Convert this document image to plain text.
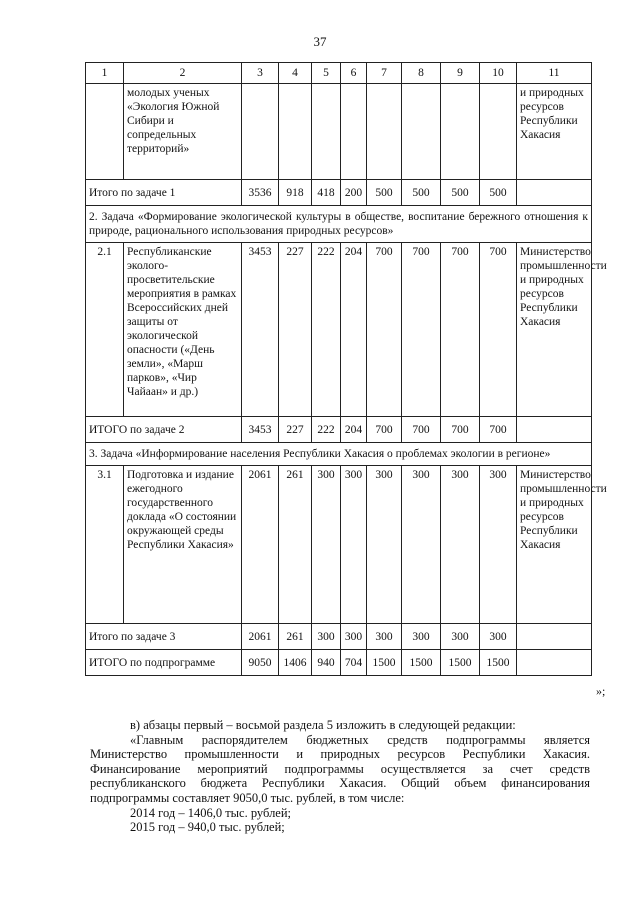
37
1	2	3	4	5	6	7	8	9	10	11
	молодых ученых «Экология Южной Сибири и сопредельных территорий»									и природных ресурсов Республики Хакасия
Итого по задаче 1		3536	918	418	200	500	500	500	500	
2. Задача «Формирование экологической культуры в обществе, воспитание бережного отношения к природе, рационального использования природных ресурсов»										
2.1	Республиканские эколого-просветительские мероприятия в рамках Всероссийских дней защиты от экологической опасности («День земли», «Марш парков», «Чир Чайаан» и др.)	3453	227	222	204	700	700	700	700	Министерство промышленности и природных ресурсов Республики Хакасия
ИТОГО по задаче 2		3453	227	222	204	700	700	700	700	
3. Задача «Информирование населения Республики Хакасия о проблемах экологии в регионе»										
3.1	Подготовка и издание ежегодного государственного доклада «О состоянии окружающей среды Республики Хакасия»	2061	261	300	300	300	300	300	300	Министерство промышленности и природных ресурсов Республики Хакасия
Итого по задаче 3		2061	261	300	300	300	300	300	300	
ИТОГО по подпрограмме		9050	1406	940	704	1500	1500	1500	1500	
»;

в) абзацы первый – восьмой раздела 5 изложить в следующей редакции:

«Главным распорядителем бюджетных средств подпрограммы является Министерство промышленности и природных ресурсов Республики Хакасия. Финансирование мероприятий подпрограммы осуществляется за счет средств республиканского бюджета Республики Хакасия. Общий объем финансирования подпрограммы составляет 9050,0 тыс. рублей, в том числе:

2014 год – 1406,0 тыс. рублей;

2015 год – 940,0 тыс. рублей;
